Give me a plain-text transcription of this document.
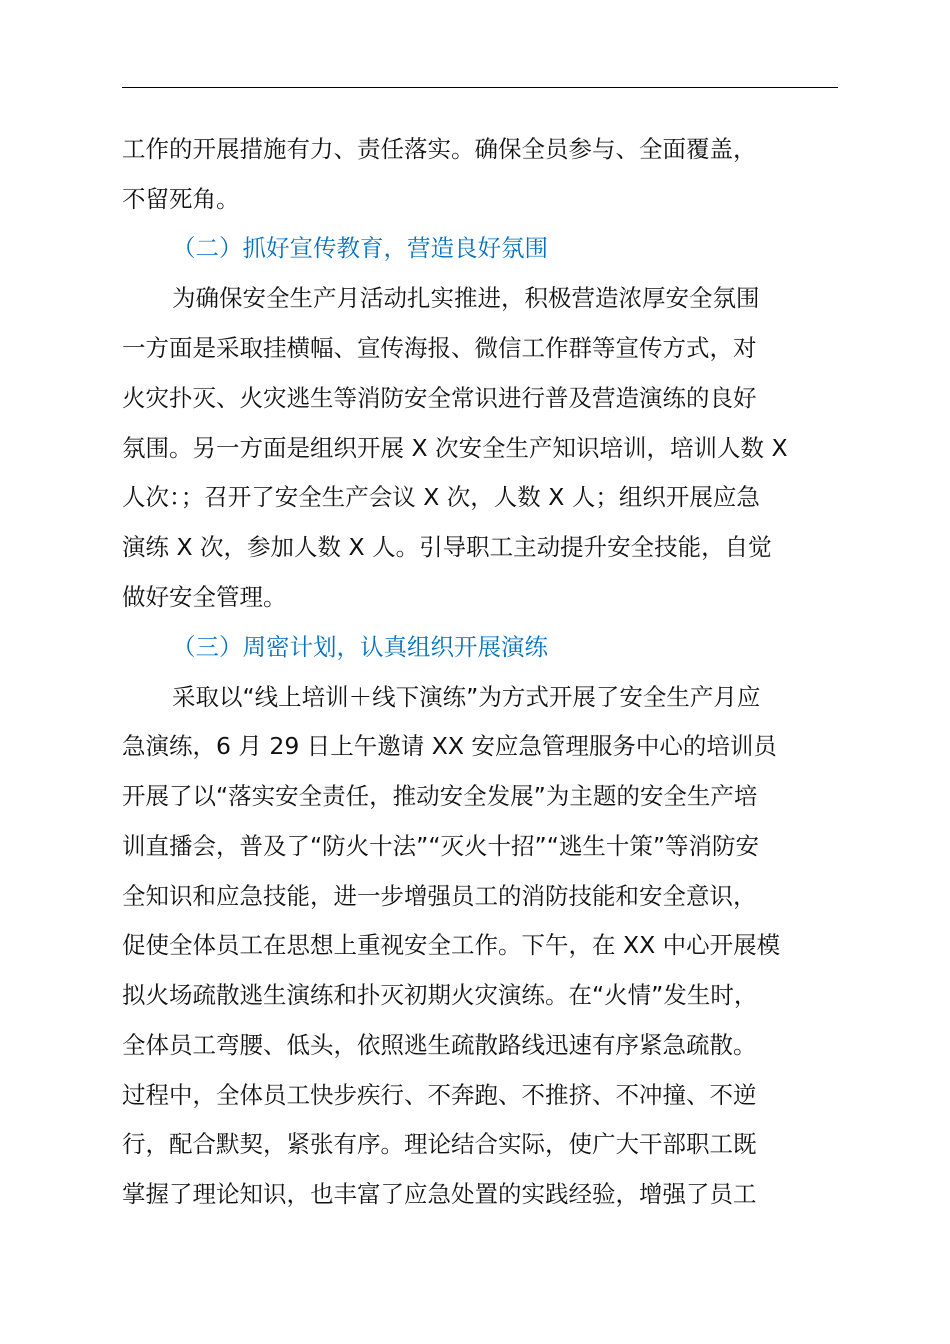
工作的开展措施有力、责任落实。确保全员参与、全面覆盖，

不留死角。

（二）抓好宣传教育，营造良好氛围

为确保安全生产月活动扎实推进，积极营造浓厚安全氛围

一方面是采取挂横幅、宣传海报、微信工作群等宣传方式，对

火灾扑灭、火灾逃生等消防安全常识进行普及营造演练的良好

氛围。另一方面是组织开展 X 次安全生产知识培训，培训人数 X

人次：；召开了安全生产会议 X 次，人数 X 人；组织开展应急

演练 X 次，参加人数 X 人。引导职工主动提升安全技能，自觉

做好安全管理。

（三）周密计划，认真组织开展演练

采取以“线上培训＋线下演练”为方式开展了安全生产月应

急演练，6 月 29 日上午邀请 XX 安应急管理服务中心的培训员

开展了以“落实安全责任，推动安全发展”为主题的安全生产培

训直播会，普及了“防火十法”“灭火十招”“逃生十策”等消防安

全知识和应急技能，进一步增强员工的消防技能和安全意识，

促使全体员工在思想上重视安全工作。下午，在 XX 中心开展模

拟火场疏散逃生演练和扑灭初期火灾演练。在“火情”发生时，

全体员工弯腰、低头，依照逃生疏散路线迅速有序紧急疏散。

过程中，全体员工快步疾行、不奔跑、不推挤、不冲撞、不逆

行，配合默契，紧张有序。理论结合实际，使广大干部职工既

掌握了理论知识，也丰富了应急处置的实践经验，增强了员工
